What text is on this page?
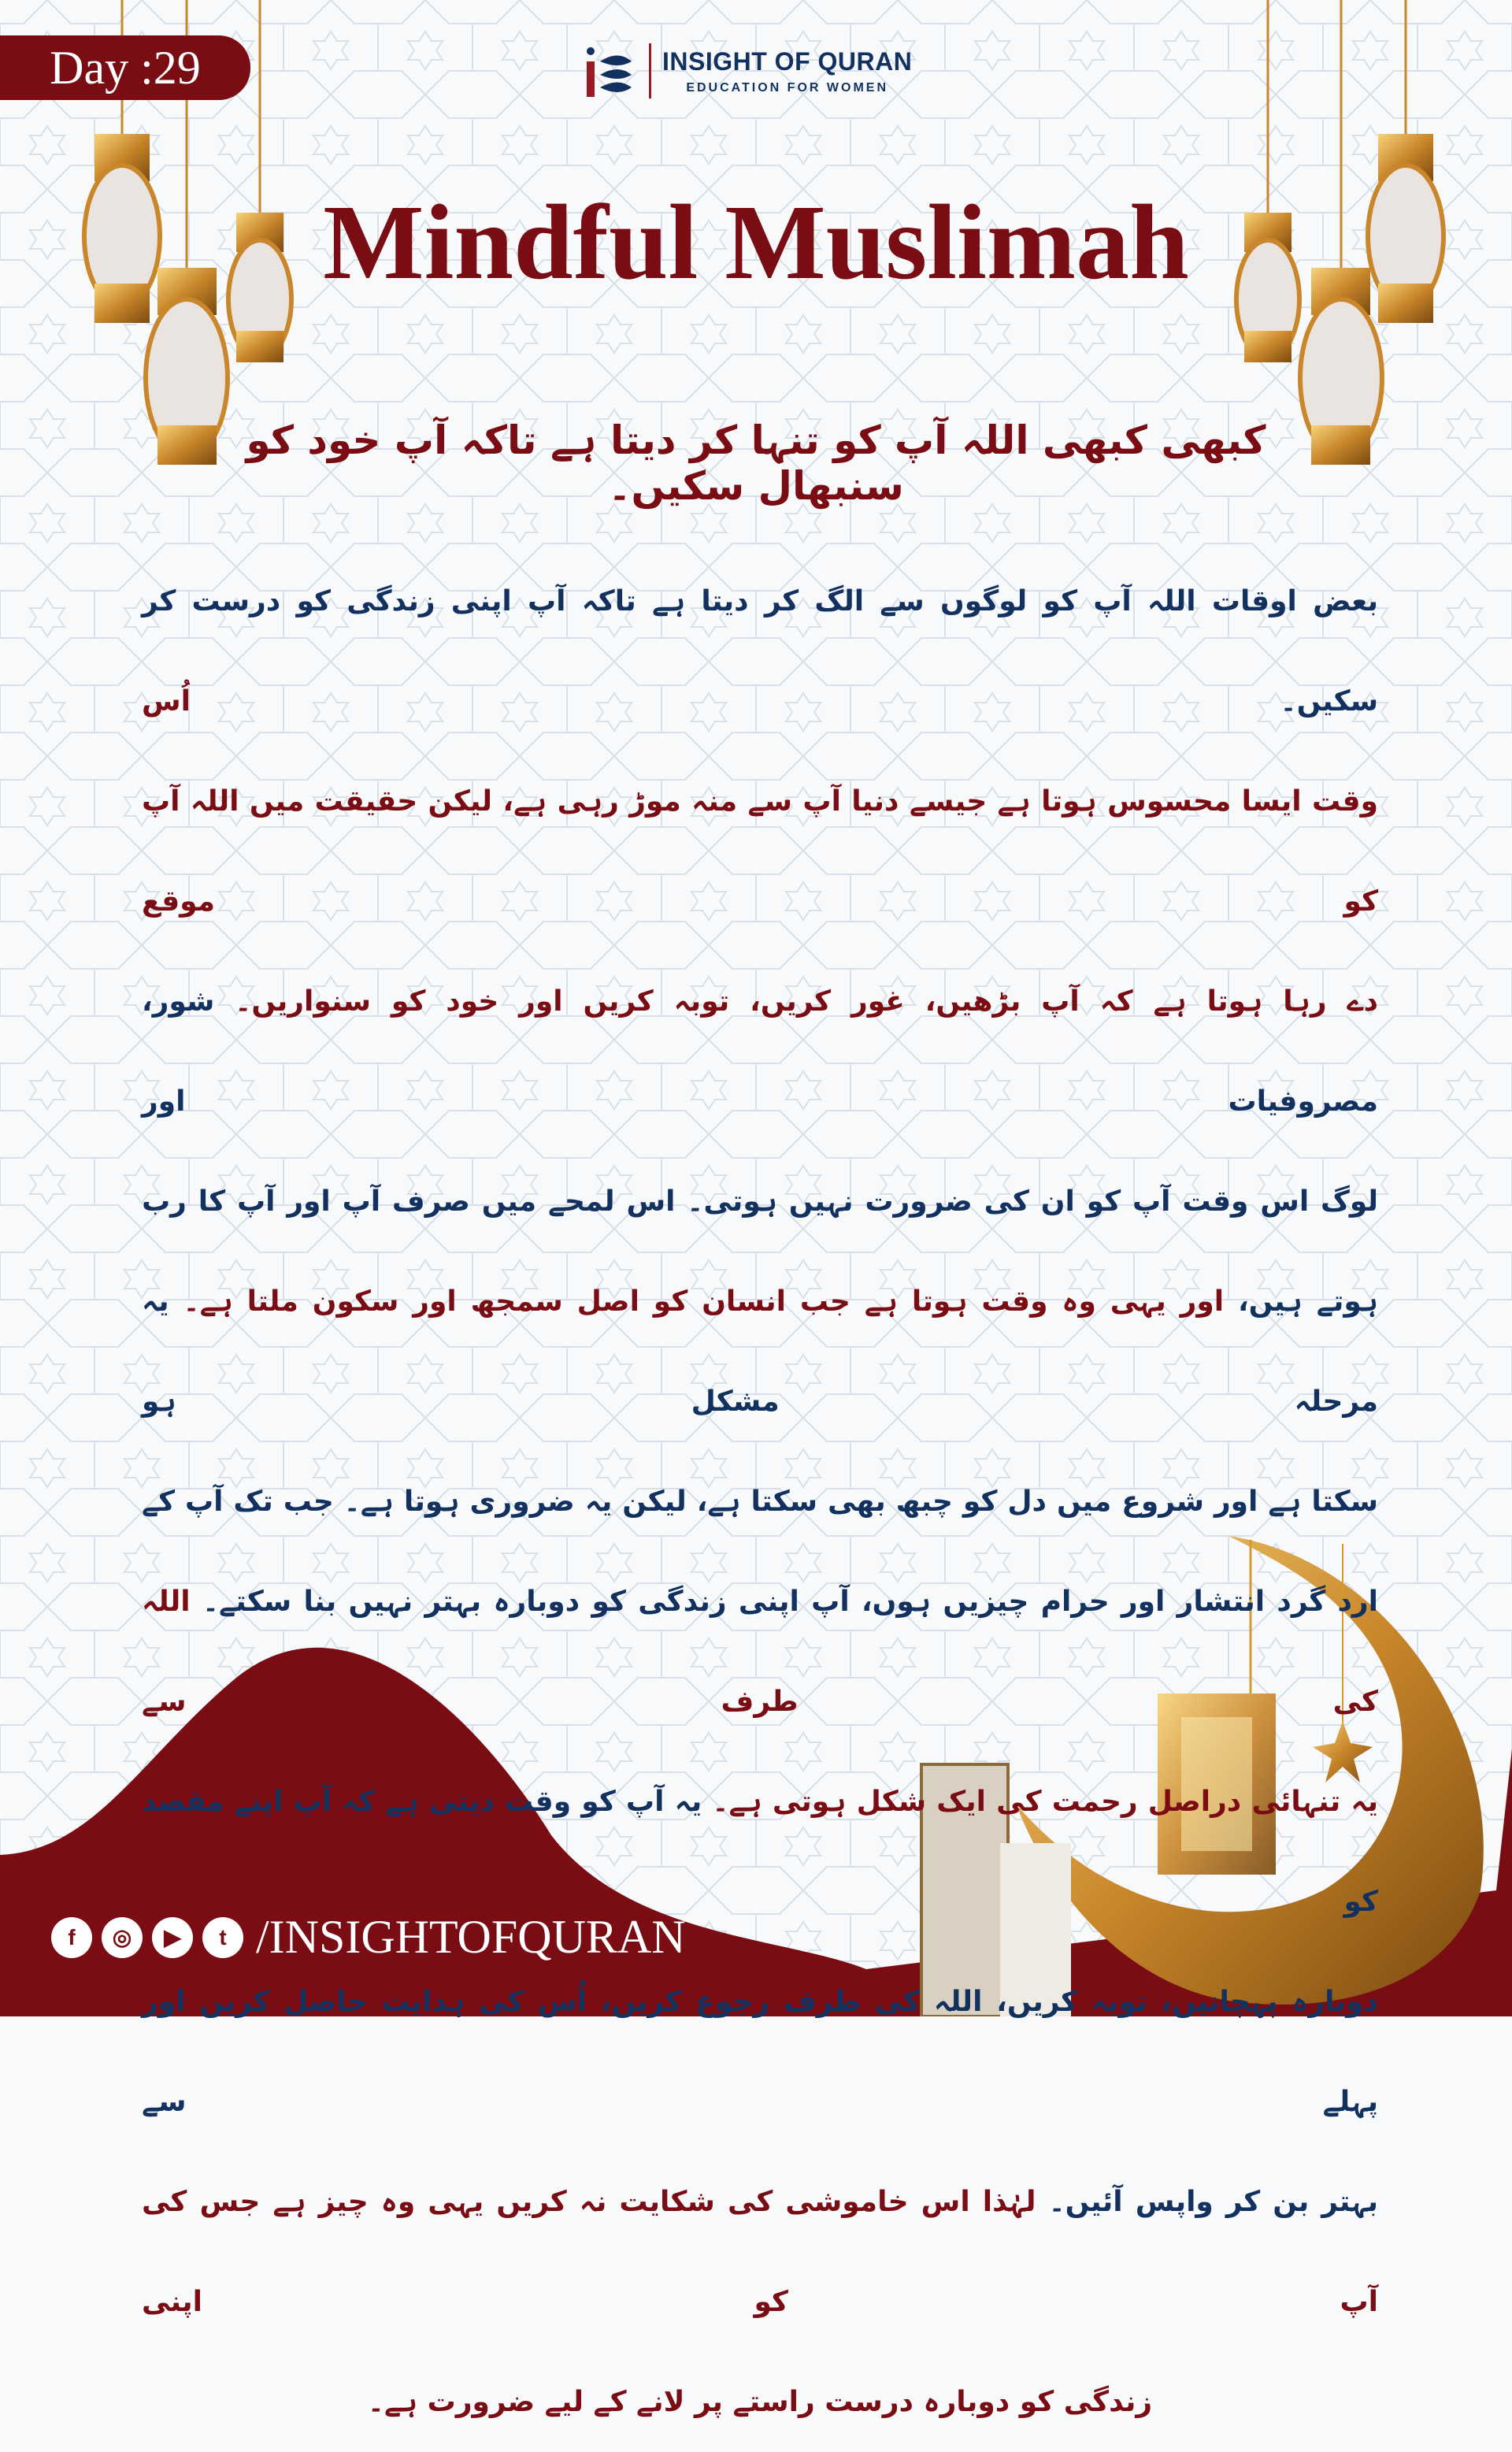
Day :29	INSIGHT OF QURAN
EDUCATION FOR WOMEN
Mindful Muslimah
کبھی کبھی اللہ آپ کو تنہا کر دیتا ہے تاکہ آپ خود کو سنبھال سکیں۔
بعض اوقات اللہ آپ کو لوگوں سے الگ کر دیتا ہے تاکہ آپ اپنی زندگی کو درست کر سکیں۔ اُس
وقت ایسا محسوس ہوتا ہے جیسے دنیا آپ سے منہ موڑ رہی ہے، لیکن حقیقت میں اللہ آپ کو موقع
دے رہا ہوتا ہے کہ آپ بڑھیں، غور کریں، توبہ کریں اور خود کو سنواریں۔ شور، مصروفیات اور
لوگ اس وقت آپ کو ان کی ضرورت نہیں ہوتی۔ اس لمحے میں صرف آپ اور آپ کا رب
ہوتے ہیں، اور یہی وہ وقت ہوتا ہے جب انسان کو اصل سمجھ اور سکون ملتا ہے۔ یہ مرحلہ مشکل ہو
سکتا ہے اور شروع میں دل کو چبھ بھی سکتا ہے، لیکن یہ ضروری ہوتا ہے۔ جب تک آپ کے
ارد گرد انتشار اور حرام چیزیں ہوں، آپ اپنی زندگی کو دوبارہ بہتر نہیں بنا سکتے۔ اللہ کی طرف سے
یہ تنہائی دراصل رحمت کی ایک شکل ہوتی ہے۔ یہ آپ کو وقت دیتی ہے کہ آپ اپنے مقصد کو
دوبارہ پہچانیں، توبہ کریں، اللہ کی طرف رجوع کریں، اُس کی ہدایت حاصل کریں اور پہلے سے
بہتر بن کر واپس آئیں۔ لہٰذا اس خاموشی کی شکایت نہ کریں یہی وہ چیز ہے جس کی آپ کو اپنی
زندگی کو دوبارہ درست راستے پر لانے کے لیے ضرورت ہے۔
f	◎	▶	t /INSIGHTOFQURAN
